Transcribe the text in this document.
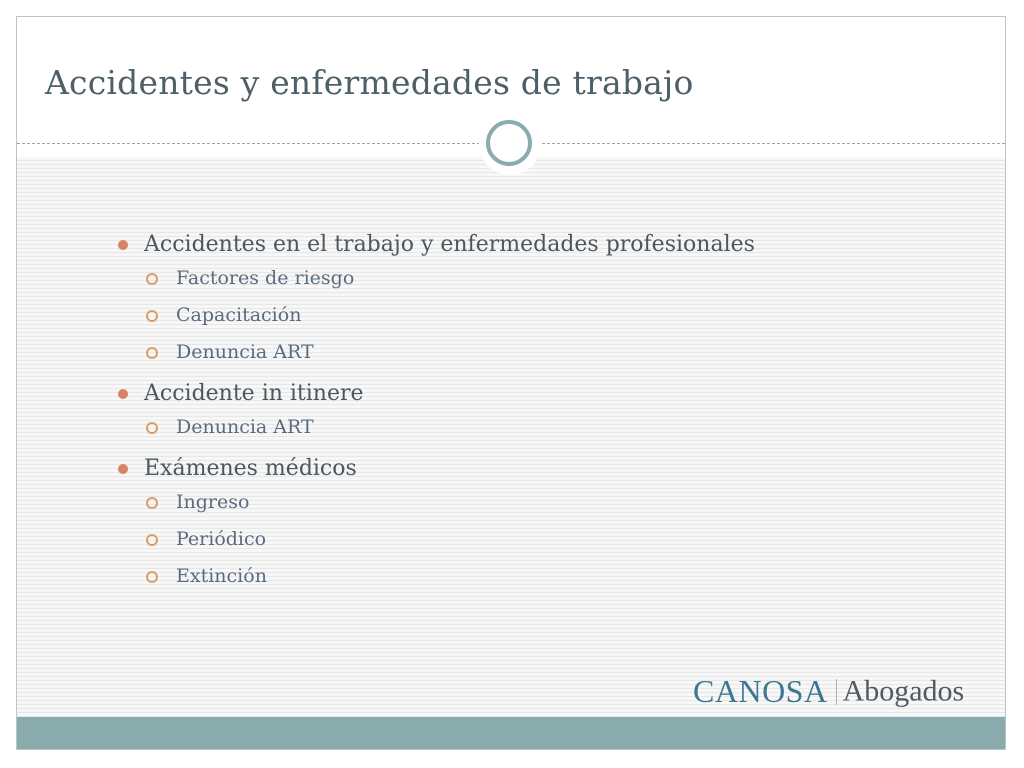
Accidentes y enfermedades de trabajo
CANOSA Abogados
Accidentes en el trabajo y enfermedades profesionales
Factores de riesgo
Capacitación
Denuncia ART
Accidente in itinere
Denuncia ART
Exámenes médicos
Ingreso
Periódico
Extinción
